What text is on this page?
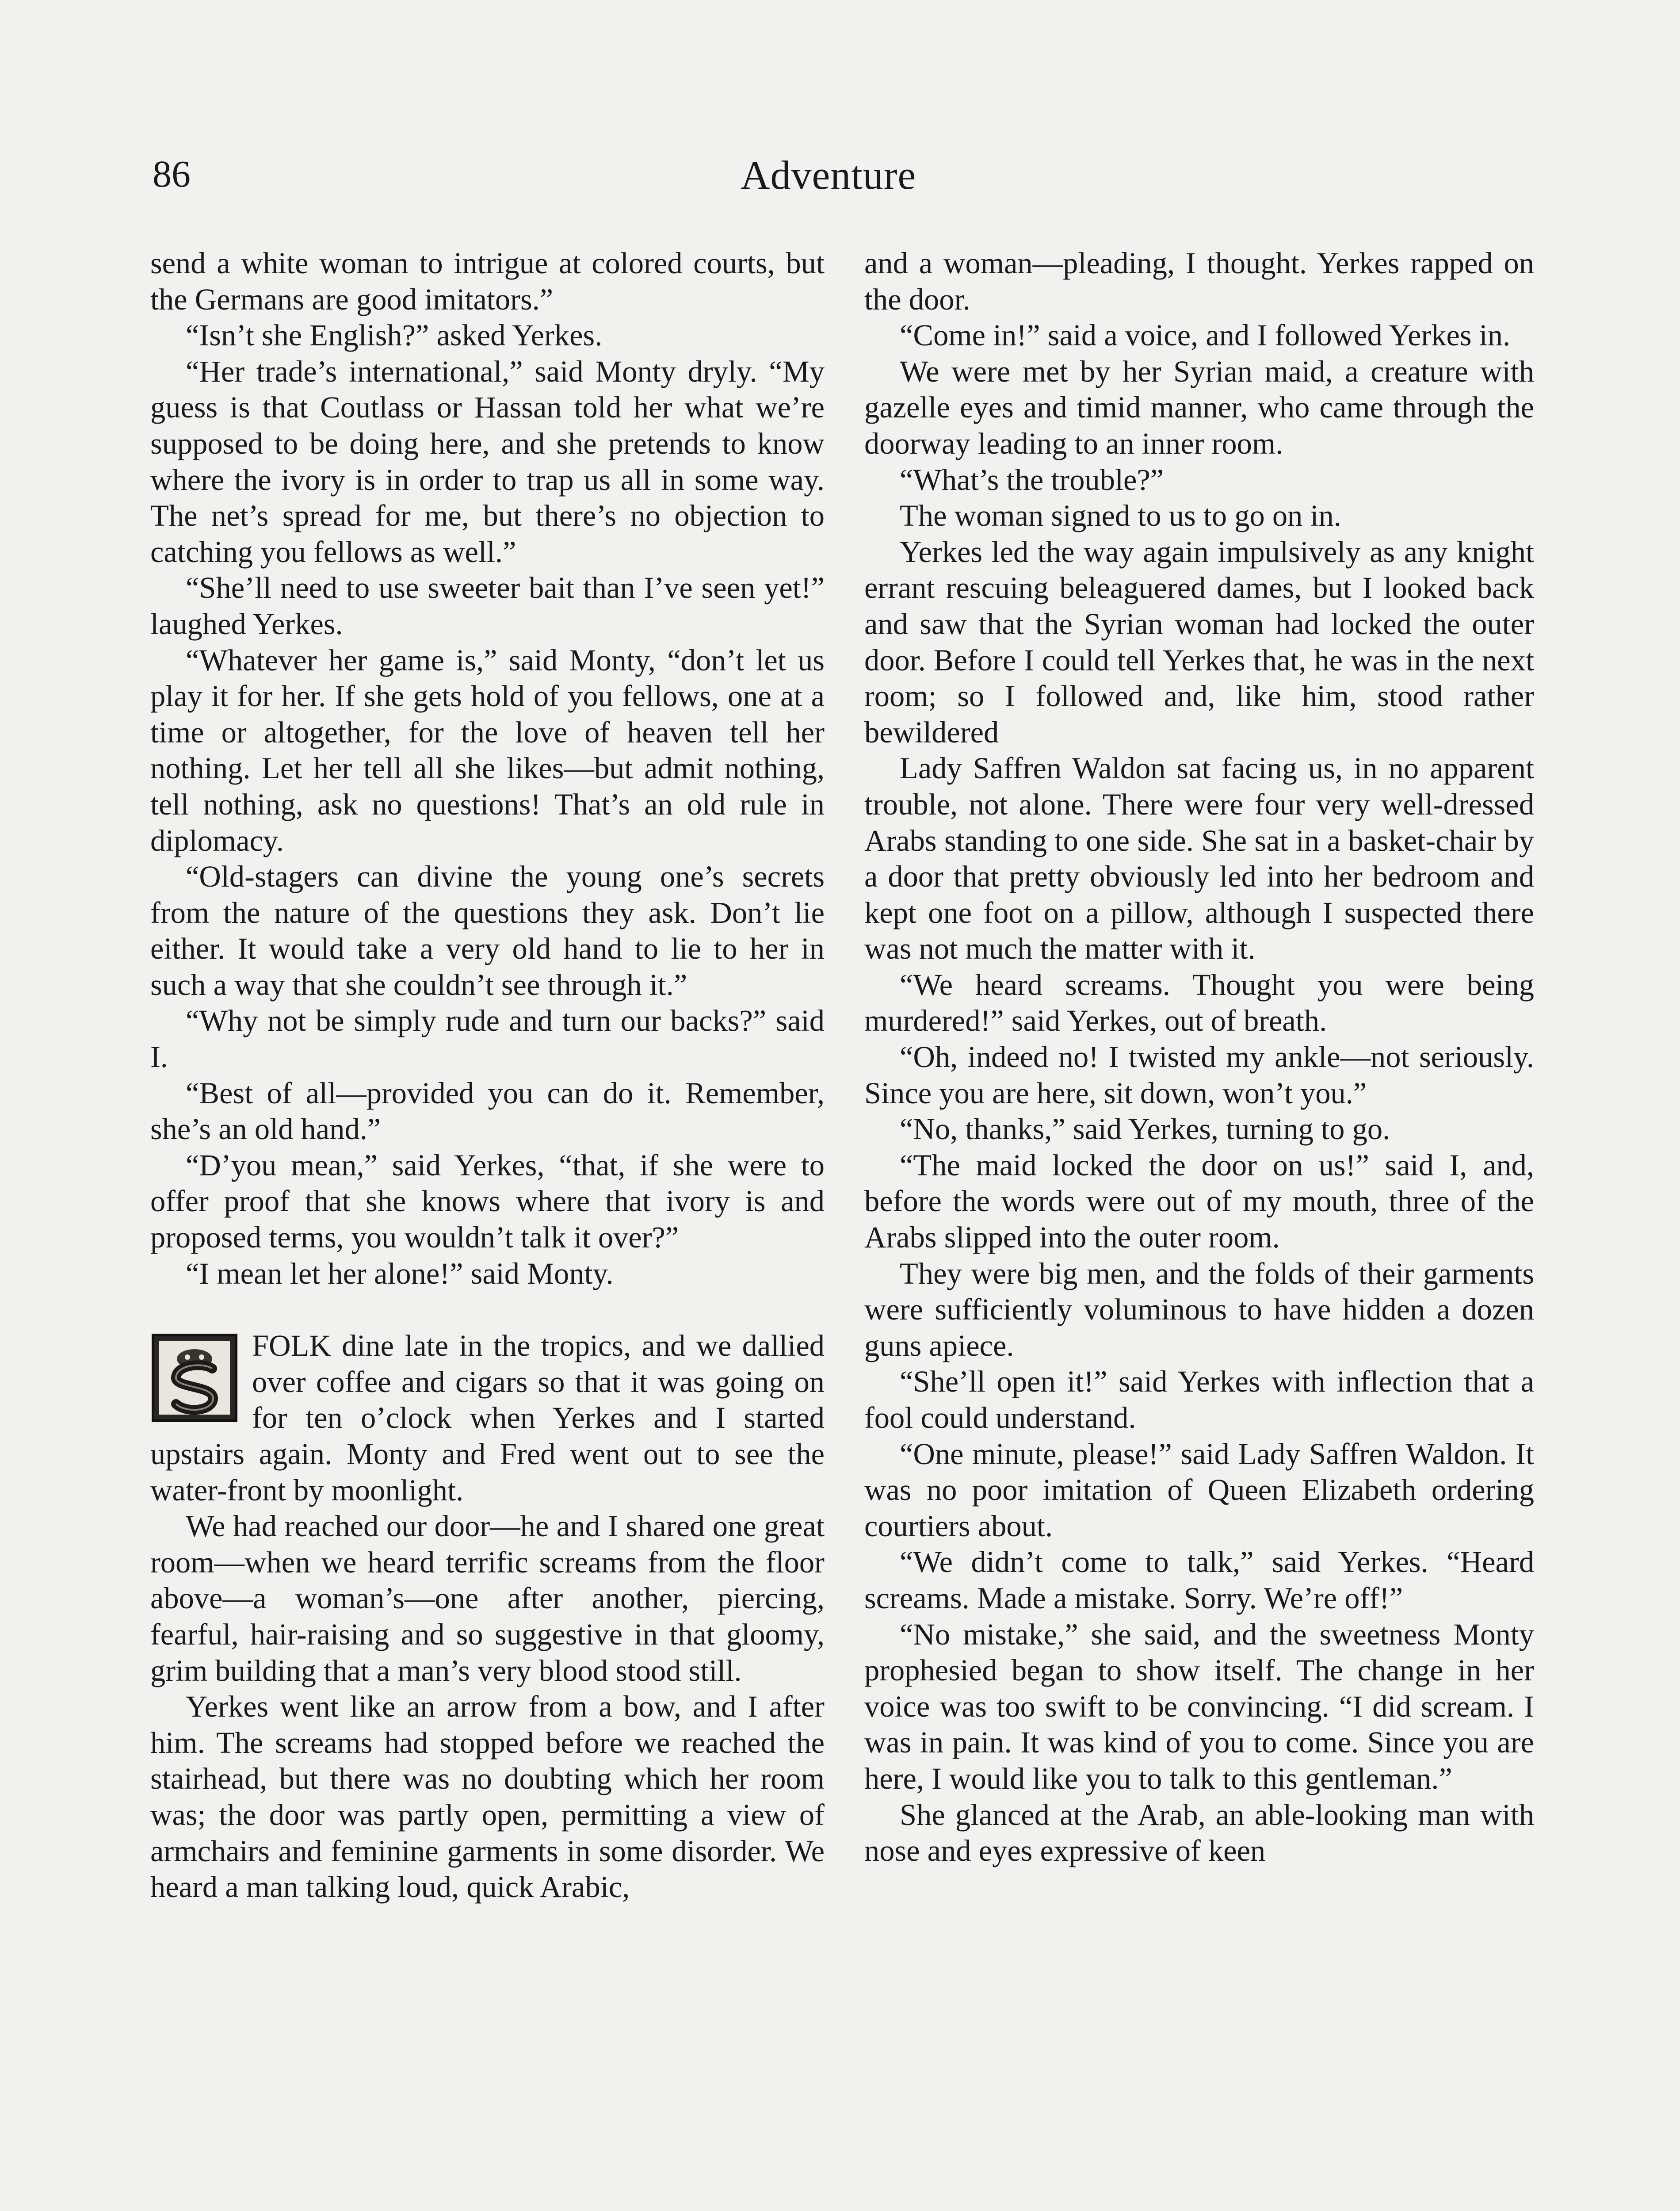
86	Adventure

send a white woman to intrigue at colored courts, but the Germans are good imitators.”

“Isn’t she English?” asked Yerkes.

“Her trade’s international,” said Monty dryly. “My guess is that Coutlass or Hassan told her what we’re supposed to be doing here, and she pretends to know where the ivory is in order to trap us all in some way. The net’s spread for me, but there’s no objection to catching you fellows as well.”

“She’ll need to use sweeter bait than I’ve seen yet!” laughed Yerkes.

“Whatever her game is,” said Monty, “don’t let us play it for her. If she gets hold of you fellows, one at a time or altogether, for the love of heaven tell her nothing. Let her tell all she likes—but admit nothing, tell nothing, ask no questions! That’s an old rule in diplomacy.

“Old-stagers can divine the young one’s secrets from the nature of the questions they ask. Don’t lie either. It would take a very old hand to lie to her in such a way that she couldn’t see through it.”

“Why not be simply rude and turn our backs?” said I.

“Best of all—provided you can do it. Remember, she’s an old hand.”

“D’you mean,” said Yerkes, “that, if she were to offer proof that she knows where that ivory is and proposed terms, you wouldn’t talk it over?”

“I mean let her alone!” said Monty.

FOLK dine late in the tropics, and we dallied over coffee and cigars so that it was going on for ten o’clock when Yerkes and I started upstairs again. Monty and Fred went out to see the water-front by moonlight.

We had reached our door—he and I shared one great room—when we heard terrific screams from the floor above—a woman’s—one after another, piercing, fearful, hair-raising and so suggestive in that gloomy, grim building that a man’s very blood stood still.

Yerkes went like an arrow from a bow, and I after him. The screams had stopped before we reached the stairhead, but there was no doubting which her room was; the door was partly open, permitting a view of armchairs and feminine garments in some disorder. We heard a man talking loud, quick Arabic,

and a woman—pleading, I thought. Yerkes rapped on the door.

“Come in!” said a voice, and I followed Yerkes in.

We were met by her Syrian maid, a creature with gazelle eyes and timid manner, who came through the doorway leading to an inner room.

“What’s the trouble?”

The woman signed to us to go on in.

Yerkes led the way again impulsively as any knight errant rescuing beleaguered dames, but I looked back and saw that the Syrian woman had locked the outer door. Before I could tell Yerkes that, he was in the next room; so I followed and, like him, stood rather bewildered

Lady Saffren Waldon sat facing us, in no apparent trouble, not alone. There were four very well-dressed Arabs standing to one side. She sat in a basket-chair by a door that pretty obviously led into her bedroom and kept one foot on a pillow, although I suspected there was not much the matter with it.

“We heard screams. Thought you were being murdered!” said Yerkes, out of breath.

“Oh, indeed no! I twisted my ankle—not seriously. Since you are here, sit down, won’t you.”

“No, thanks,” said Yerkes, turning to go.

“The maid locked the door on us!” said I, and, before the words were out of my mouth, three of the Arabs slipped into the outer room.

They were big men, and the folds of their garments were sufficiently voluminous to have hidden a dozen guns apiece.

“She’ll open it!” said Yerkes with inflection that a fool could understand.

“One minute, please!” said Lady Saffren Waldon. It was no poor imitation of Queen Elizabeth ordering courtiers about.

“We didn’t come to talk,” said Yerkes. “Heard screams. Made a mistake. Sorry. We’re off!”

“No mistake,” she said, and the sweetness Monty prophesied began to show itself. The change in her voice was too swift to be convincing. “I did scream. I was in pain. It was kind of you to come. Since you are here, I would like you to talk to this gentleman.”

She glanced at the Arab, an able-looking man with nose and eyes expressive of keen
